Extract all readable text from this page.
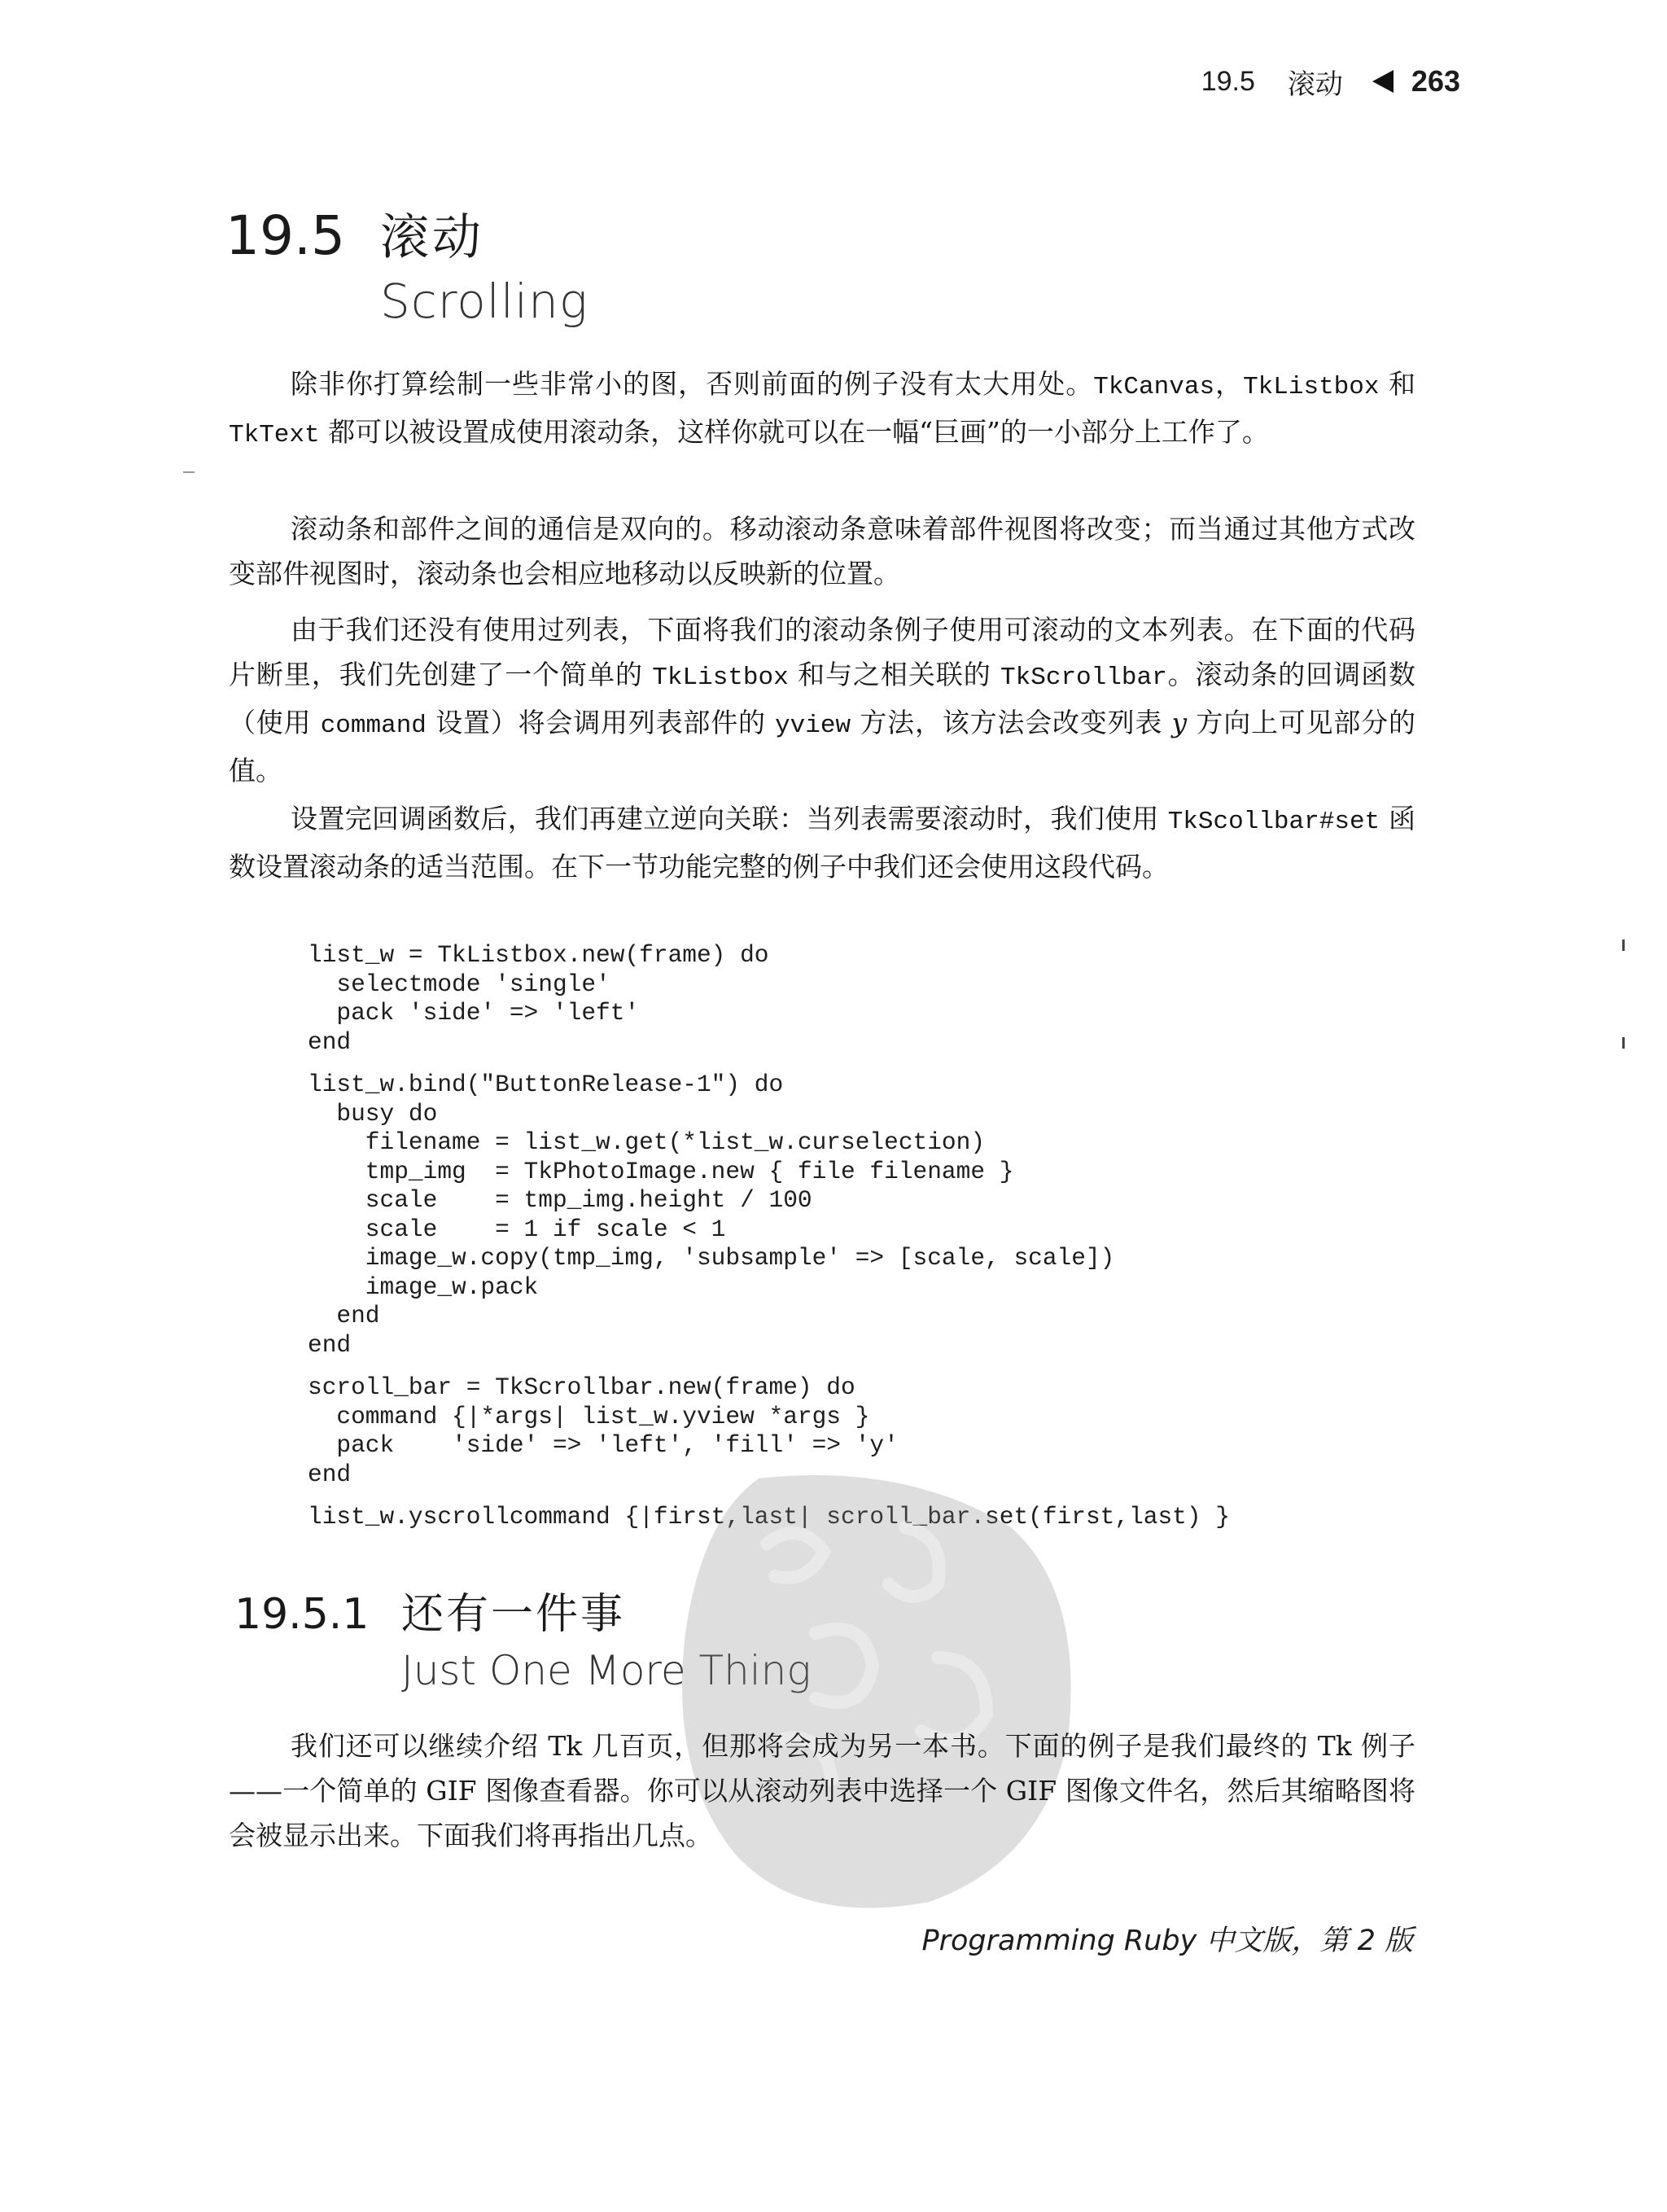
19.5 滚动 263
19.5 滚动
Scrolling

除非你打算绘制一些非常小的图，否则前面的例子没有太大用处。TkCanvas，TkListbox 和 TkText 都可以被设置成使用滚动条，这样你就可以在一幅“巨画”的一小部分上工作了。

滚动条和部件之间的通信是双向的。移动滚动条意味着部件视图将改变；而当通过其他方式改变部件视图时，滚动条也会相应地移动以反映新的位置。

由于我们还没有使用过列表，下面将我们的滚动条例子使用可滚动的文本列表。在下面的代码片断里，我们先创建了一个简单的 TkListbox 和与之相关联的 TkScrollbar。滚动条的回调函数（使用 command 设置）将会调用列表部件的 yview 方法，该方法会改变列表 y 方向上可见部分的值。

设置完回调函数后，我们再建立逆向关联：当列表需要滚动时，我们使用 TkScollbar#set 函数设置滚动条的适当范围。在下一节功能完整的例子中我们还会使用这段代码。

list_w = TkListbox.new(frame) do
selectmode 'single'
pack 'side' => 'left'
end
list_w.bind("ButtonRelease-1") do
busy do
filename = list_w.get(*list_w.curselection)
tmp_img  = TkPhotoImage.new { file filename }
scale    = tmp_img.height / 100
scale    = 1 if scale < 1
image_w.copy(tmp_img, 'subsample' => [scale, scale])
image_w.pack
end
end
scroll_bar = TkScrollbar.new(frame) do
command {|*args| list_w.yview *args }
pack    'side' => 'left', 'fill' => 'y'
end
list_w.yscrollcommand {|first,last| scroll_bar.set(first,last) }
19.5.1 还有一件事
Just One More Thing

我们还可以继续介绍 Tk 几百页，但那将会成为另一本书。下面的例子是我们最终的 Tk 例子——一个简单的 GIF 图像查看器。你可以从滚动列表中选择一个 GIF 图像文件名，然后其缩略图将会被显示出来。下面我们将再指出几点。

Programming Ruby 中文版，第 2 版
